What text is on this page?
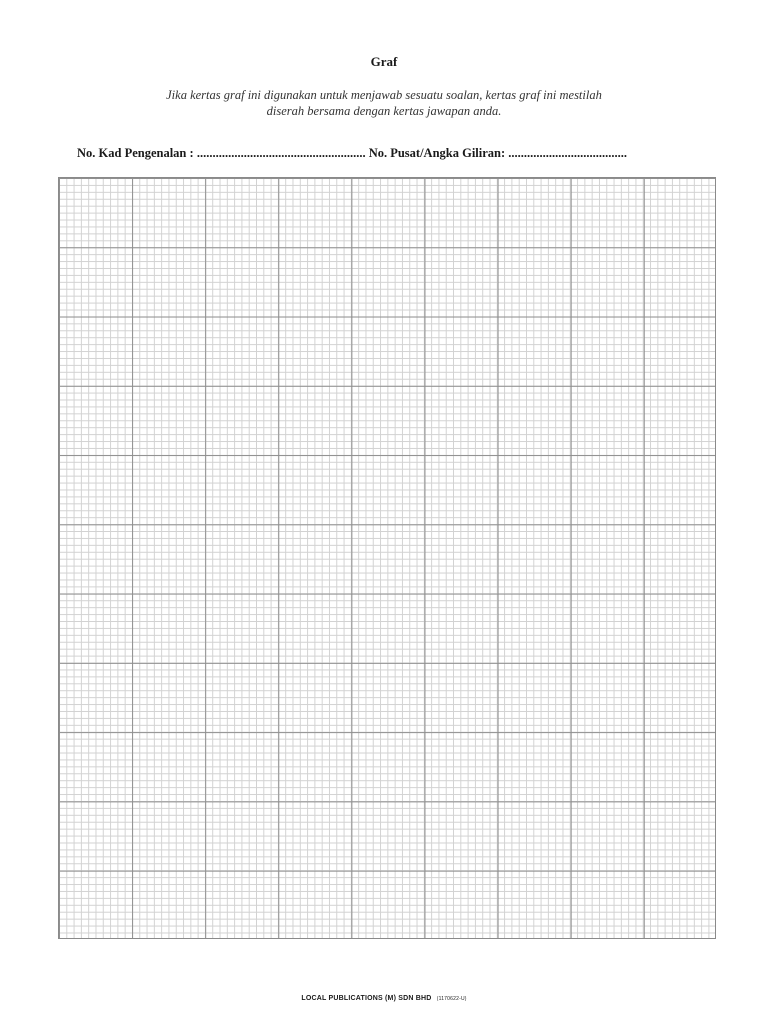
Graf
Jika kertas graf ini digunakan untuk menjawab sesuatu soalan, kertas graf ini mestilah
diserah bersama dengan kertas jawapan anda.
No. Kad Pengenalan : ...................................................... No. Pusat/Angka Giliran: ......................................
LOCAL PUBLICATIONS (M) SDN BHD (1170622-U)
